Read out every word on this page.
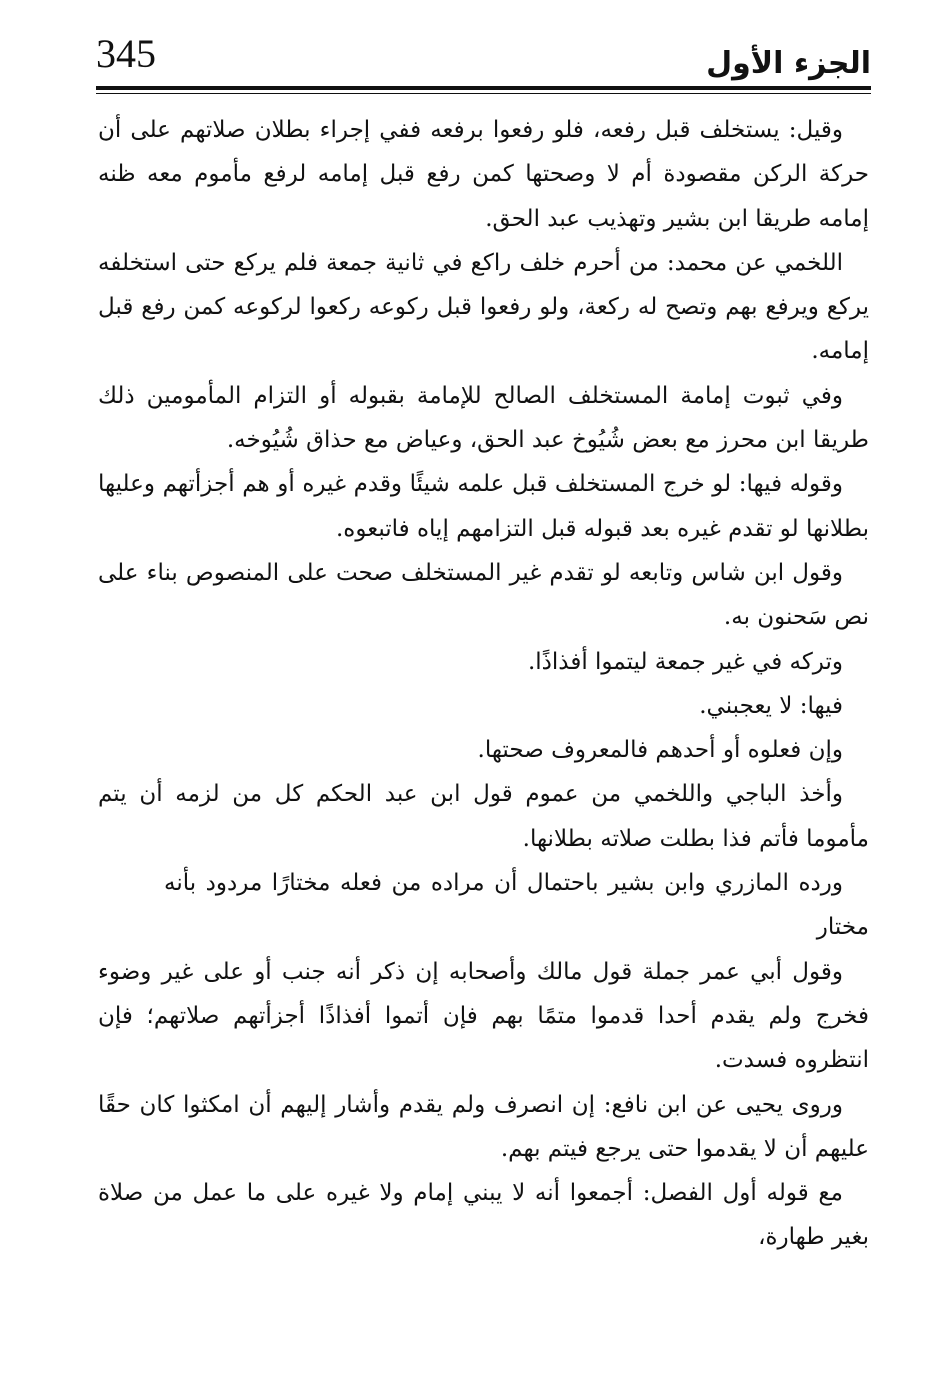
345	الجزء الأول

وقيل: يستخلف قبل رفعه، فلو رفعوا برفعه ففي إجراء بطلان صلاتهم على أن حركة الركن مقصودة أم لا وصحتها كمن رفع قبل إمامه لرفع مأموم معه ظنه إمامه طريقا ابن بشير وتهذيب عبد الحق.

اللخمي عن محمد: من أحرم خلف راكع في ثانية جمعة فلم يركع حتى استخلفه يركع ويرفع بهم وتصح له ركعة، ولو رفعوا قبل ركوعه ركعوا لركوعه كمن رفع قبل إمامه.

وفي ثبوت إمامة المستخلف الصالح للإمامة بقبوله أو التزام المأمومين ذلك طريقا ابن محرز مع بعض شُيُوخ عبد الحق، وعياض مع حذاق شُيُوخه.

وقوله فيها: لو خرج المستخلف قبل علمه شيئًا وقدم غيره أو هم أجزأتهم وعليها بطلانها لو تقدم غيره بعد قبوله قبل التزامهم إياه فاتبعوه.

وقول ابن شاس وتابعه لو تقدم غير المستخلف صحت على المنصوص بناء على نص سَحنون به.

وتركه في غير جمعة ليتموا أفذاذًا.

فيها: لا يعجبني.

وإن فعلوه أو أحدهم فالمعروف صحتها.

وأخذ الباجي واللخمي من عموم قول ابن عبد الحكم كل من لزمه أن يتم مأموما فأتم فذا بطلت صلاته بطلانها.

ورده المازري وابن بشير باحتمال أن مراده من فعله مختارًا مردود بأنه مختار

وقول أبي عمر جملة قول مالك وأصحابه إن ذكر أنه جنب أو على غير وضوء فخرج ولم يقدم أحدا قدموا متمًا بهم فإن أتموا أفذاذًا أجزأتهم صلاتهم؛ فإن انتظروه فسدت.

وروى يحيى عن ابن نافع: إن انصرف ولم يقدم وأشار إليهم أن امكثوا كان حقًا عليهم أن لا يقدموا حتى يرجع فيتم بهم.

مع قوله أول الفصل: أجمعوا أنه لا يبني إمام ولا غيره على ما عمل من صلاة بغير طهارة،
